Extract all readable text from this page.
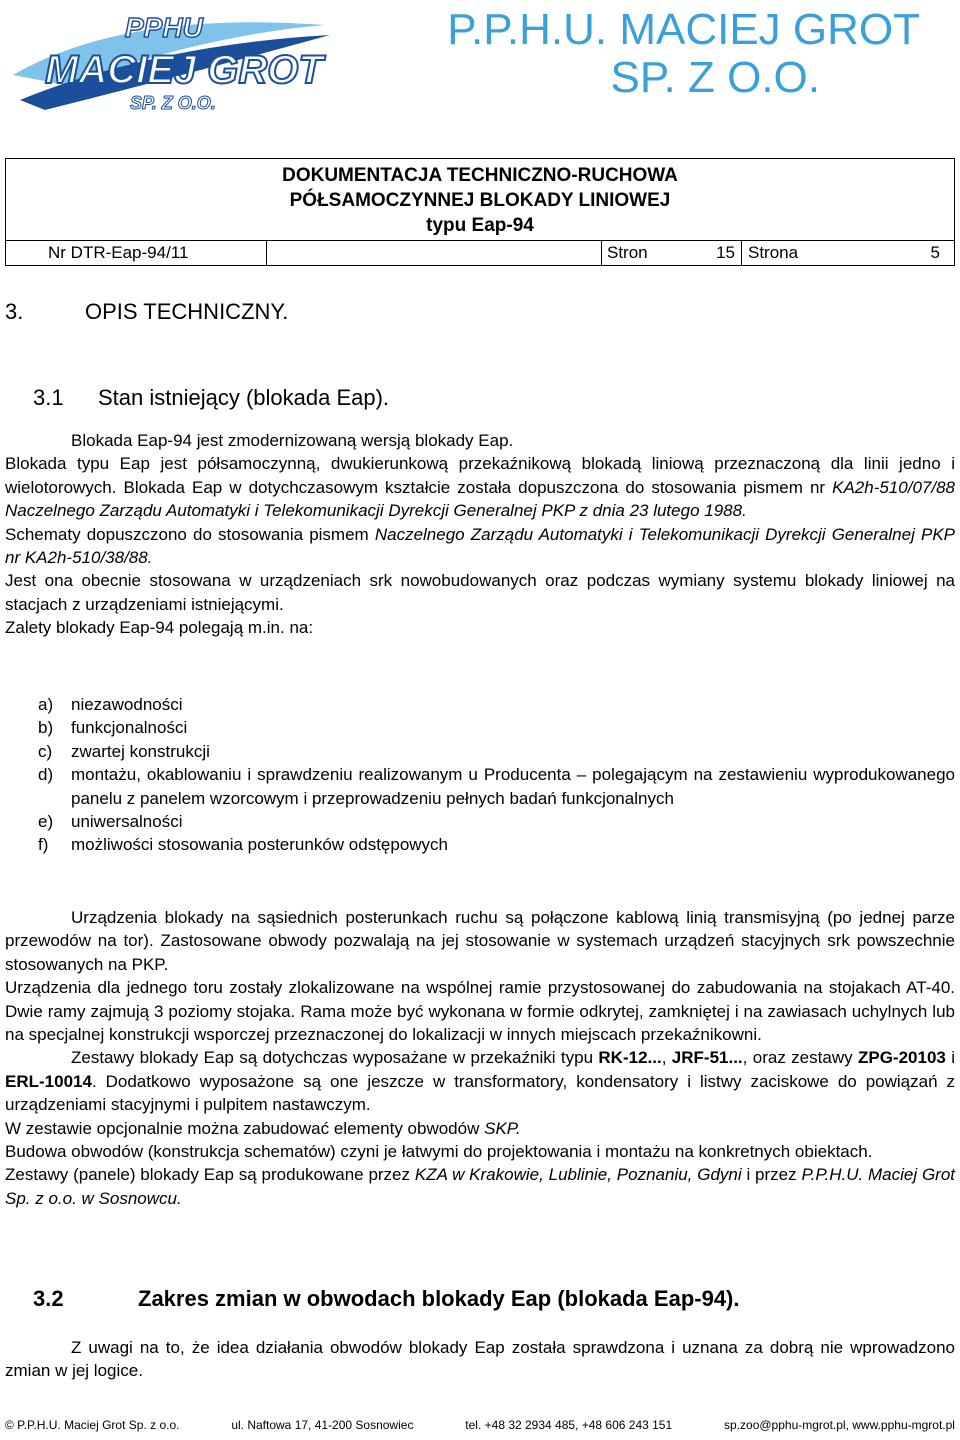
PPHU
MACIEJ GROT
SP. Z O.O.
P.P.H.U. MACIEJ GROT
SP. Z O.O.
DOKUMENTACJA TECHNICZNO-RUCHOWA
PÓŁSAMOCZYNNEJ BLOKADY LINIOWEJ
typu Eap-94
Nr DTR-Eap-94/11	Stron	15 Strona	5
3.	OPIS TECHNICZNY.
3.1 Stan istniejący (blokada Eap).

Blokada Eap-94 jest zmodernizowaną wersją blokady Eap.

Blokada typu Eap jest półsamoczynną, dwukierunkową przekaźnikową blokadą liniową przeznaczoną dla linii jedno i wielotorowych. Blokada Eap w dotychczasowym kształcie została dopuszczona do stosowania pismem nr KA2h-510/07/88 Naczelnego Zarządu Automatyki i Telekomunikacji Dyrekcji Generalnej PKP z dnia 23 lutego 1988.

Schematy dopuszczono do stosowania pismem Naczelnego Zarządu Automatyki i Telekomunikacji Dyrekcji Generalnej PKP nr KA2h-510/38/88.

Jest ona obecnie stosowana w urządzeniach srk nowobudowanych oraz podczas wymiany systemu blokady liniowej na stacjach z urządzeniami istniejącymi.

Zalety blokady Eap-94 polegają m.in. na:

a) niezawodności
b) funkcjonalności
c) zwartej konstrukcji
d) montażu, okablowaniu i sprawdzeniu realizowanym u Producenta – polegającym na zestawieniu wyprodukowanego panelu z panelem wzorcowym i przeprowadzeniu pełnych badań funkcjonalnych
e) uniwersalności
f) możliwości stosowania posterunków odstępowych

Urządzenia blokady na sąsiednich posterunkach ruchu są połączone kablową linią transmisyjną (po jednej parze przewodów na tor). Zastosowane obwody pozwalają na jej stosowanie w systemach urządzeń stacyjnych srk powszechnie stosowanych na PKP.

Urządzenia dla jednego toru zostały zlokalizowane na wspólnej ramie przystosowanej do zabudowania na stojakach AT-40. Dwie ramy zajmują 3 poziomy stojaka. Rama może być wykonana w formie odkrytej, zamkniętej i na zawiasach uchylnych lub na specjalnej konstrukcji wsporczej przeznaczonej do lokalizacji w innych miejscach przekaźnikowni.

Zestawy blokady Eap są dotychczas wyposażane w przekaźniki typu RK-12..., JRF-51..., oraz zestawy ZPG-20103 i ERL-10014. Dodatkowo wyposażone są one jeszcze w transformatory, kondensatory i listwy zaciskowe do powiązań z urządzeniami stacyjnymi i pulpitem nastawczym.

W zestawie opcjonalnie można zabudować elementy obwodów SKP.

Budowa obwodów (konstrukcja schematów) czyni je łatwymi do projektowania i montażu na konkretnych obiektach.

Zestawy (panele) blokady Eap są produkowane przez KZA w Krakowie, Lublinie, Poznaniu, Gdyni i przez P.P.H.U. Maciej Grot Sp. z o.o. w Sosnowcu.

3.2	Zakres zmian w obwodach blokady Eap (blokada Eap-94).

Z uwagi na to, że idea działania obwodów blokady Eap została sprawdzona i uznana za dobrą nie wprowadzono zmian w jej logice.

© P.P.H.U. Maciej Grot Sp. z o.o.	ul. Naftowa 17, 41-200 Sosnowiec	tel. +48 32 2934 485, +48 606 243 151	sp.zoo@pphu-mgrot.pl, www.pphu-mgrot.pl
